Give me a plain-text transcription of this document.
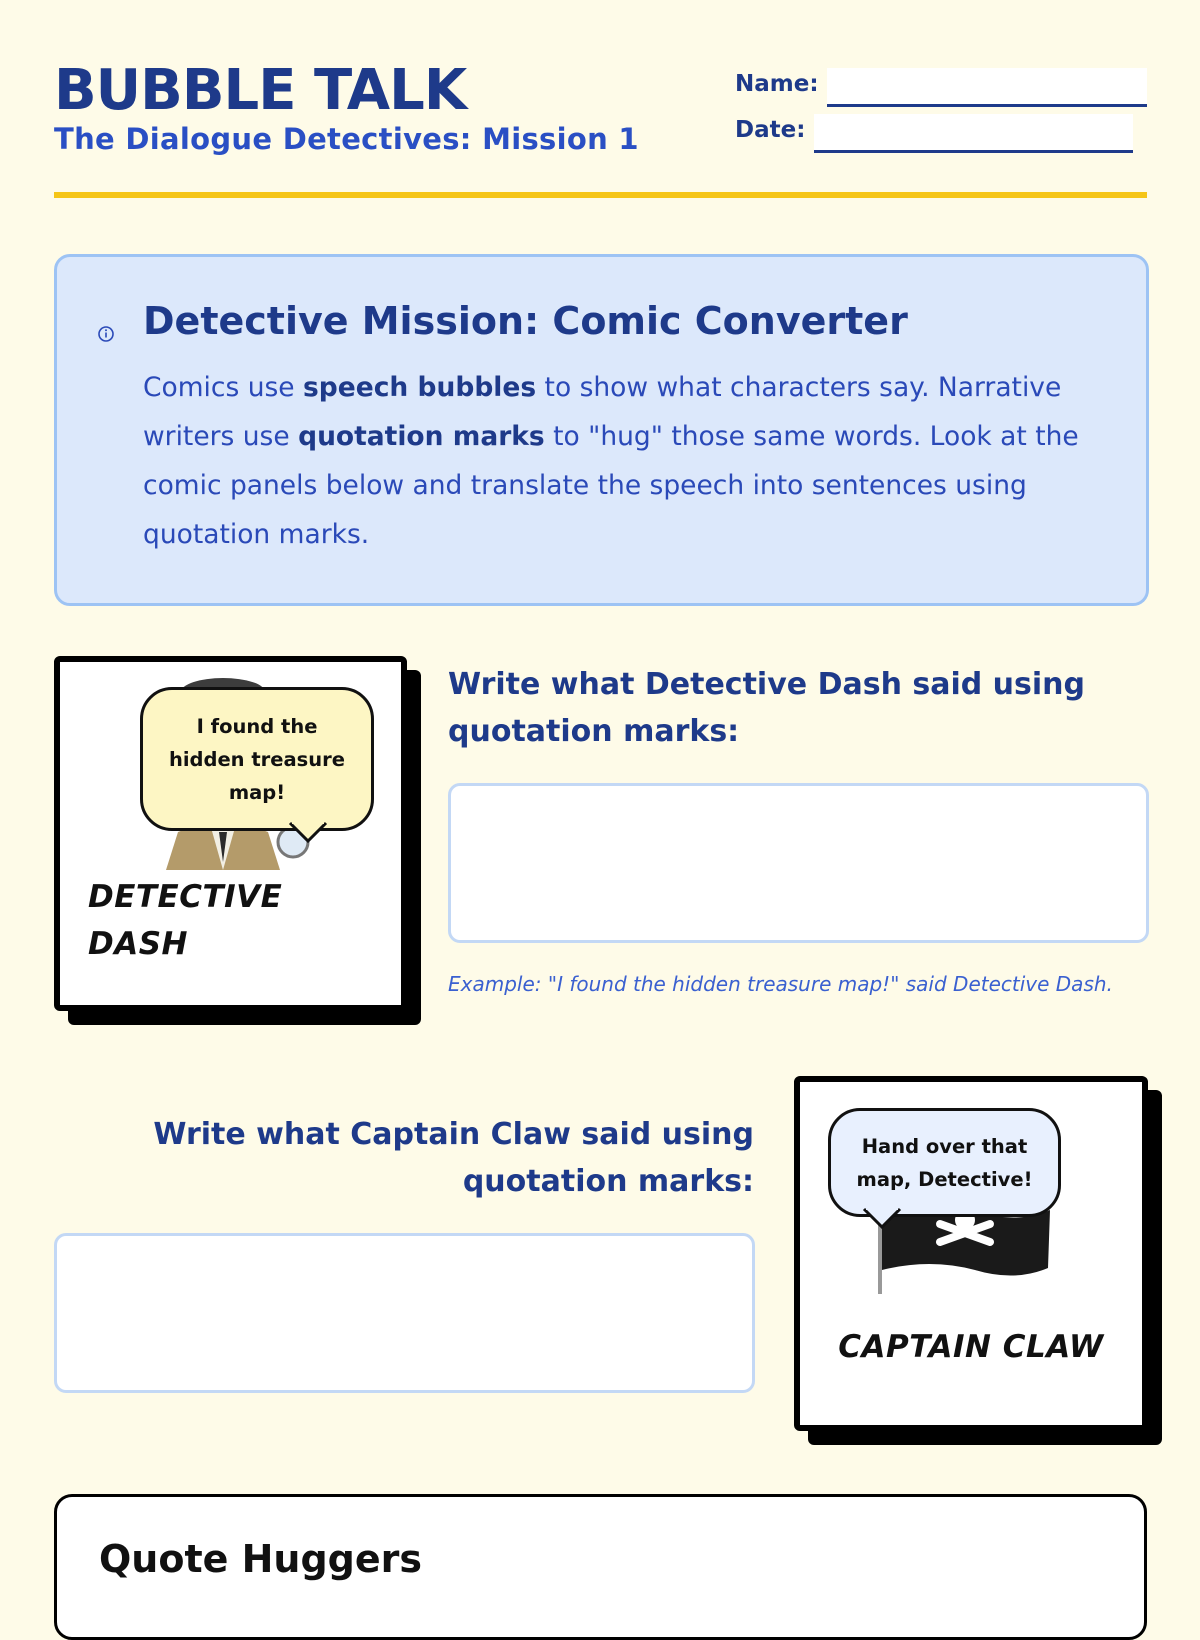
BUBBLE TALK
The Dialogue Detectives: Mission 1
Name:
Date:
Detective Mission: Comic Converter

Comics use speech bubbles to show what characters say. Narrative writers use quotation marks to "hug" those same words. Look at the comic panels below and translate the speech into sentences using quotation marks.

I found the hidden treasure map!
DETECTIVE DASH
Write what Detective Dash said using quotation marks:
Example: "I found the hidden treasure map!" said Detective Dash.
Write what Captain Claw said using quotation marks:
Hand over that map, Detective!
CAPTAIN CLAW
Quote Huggers
